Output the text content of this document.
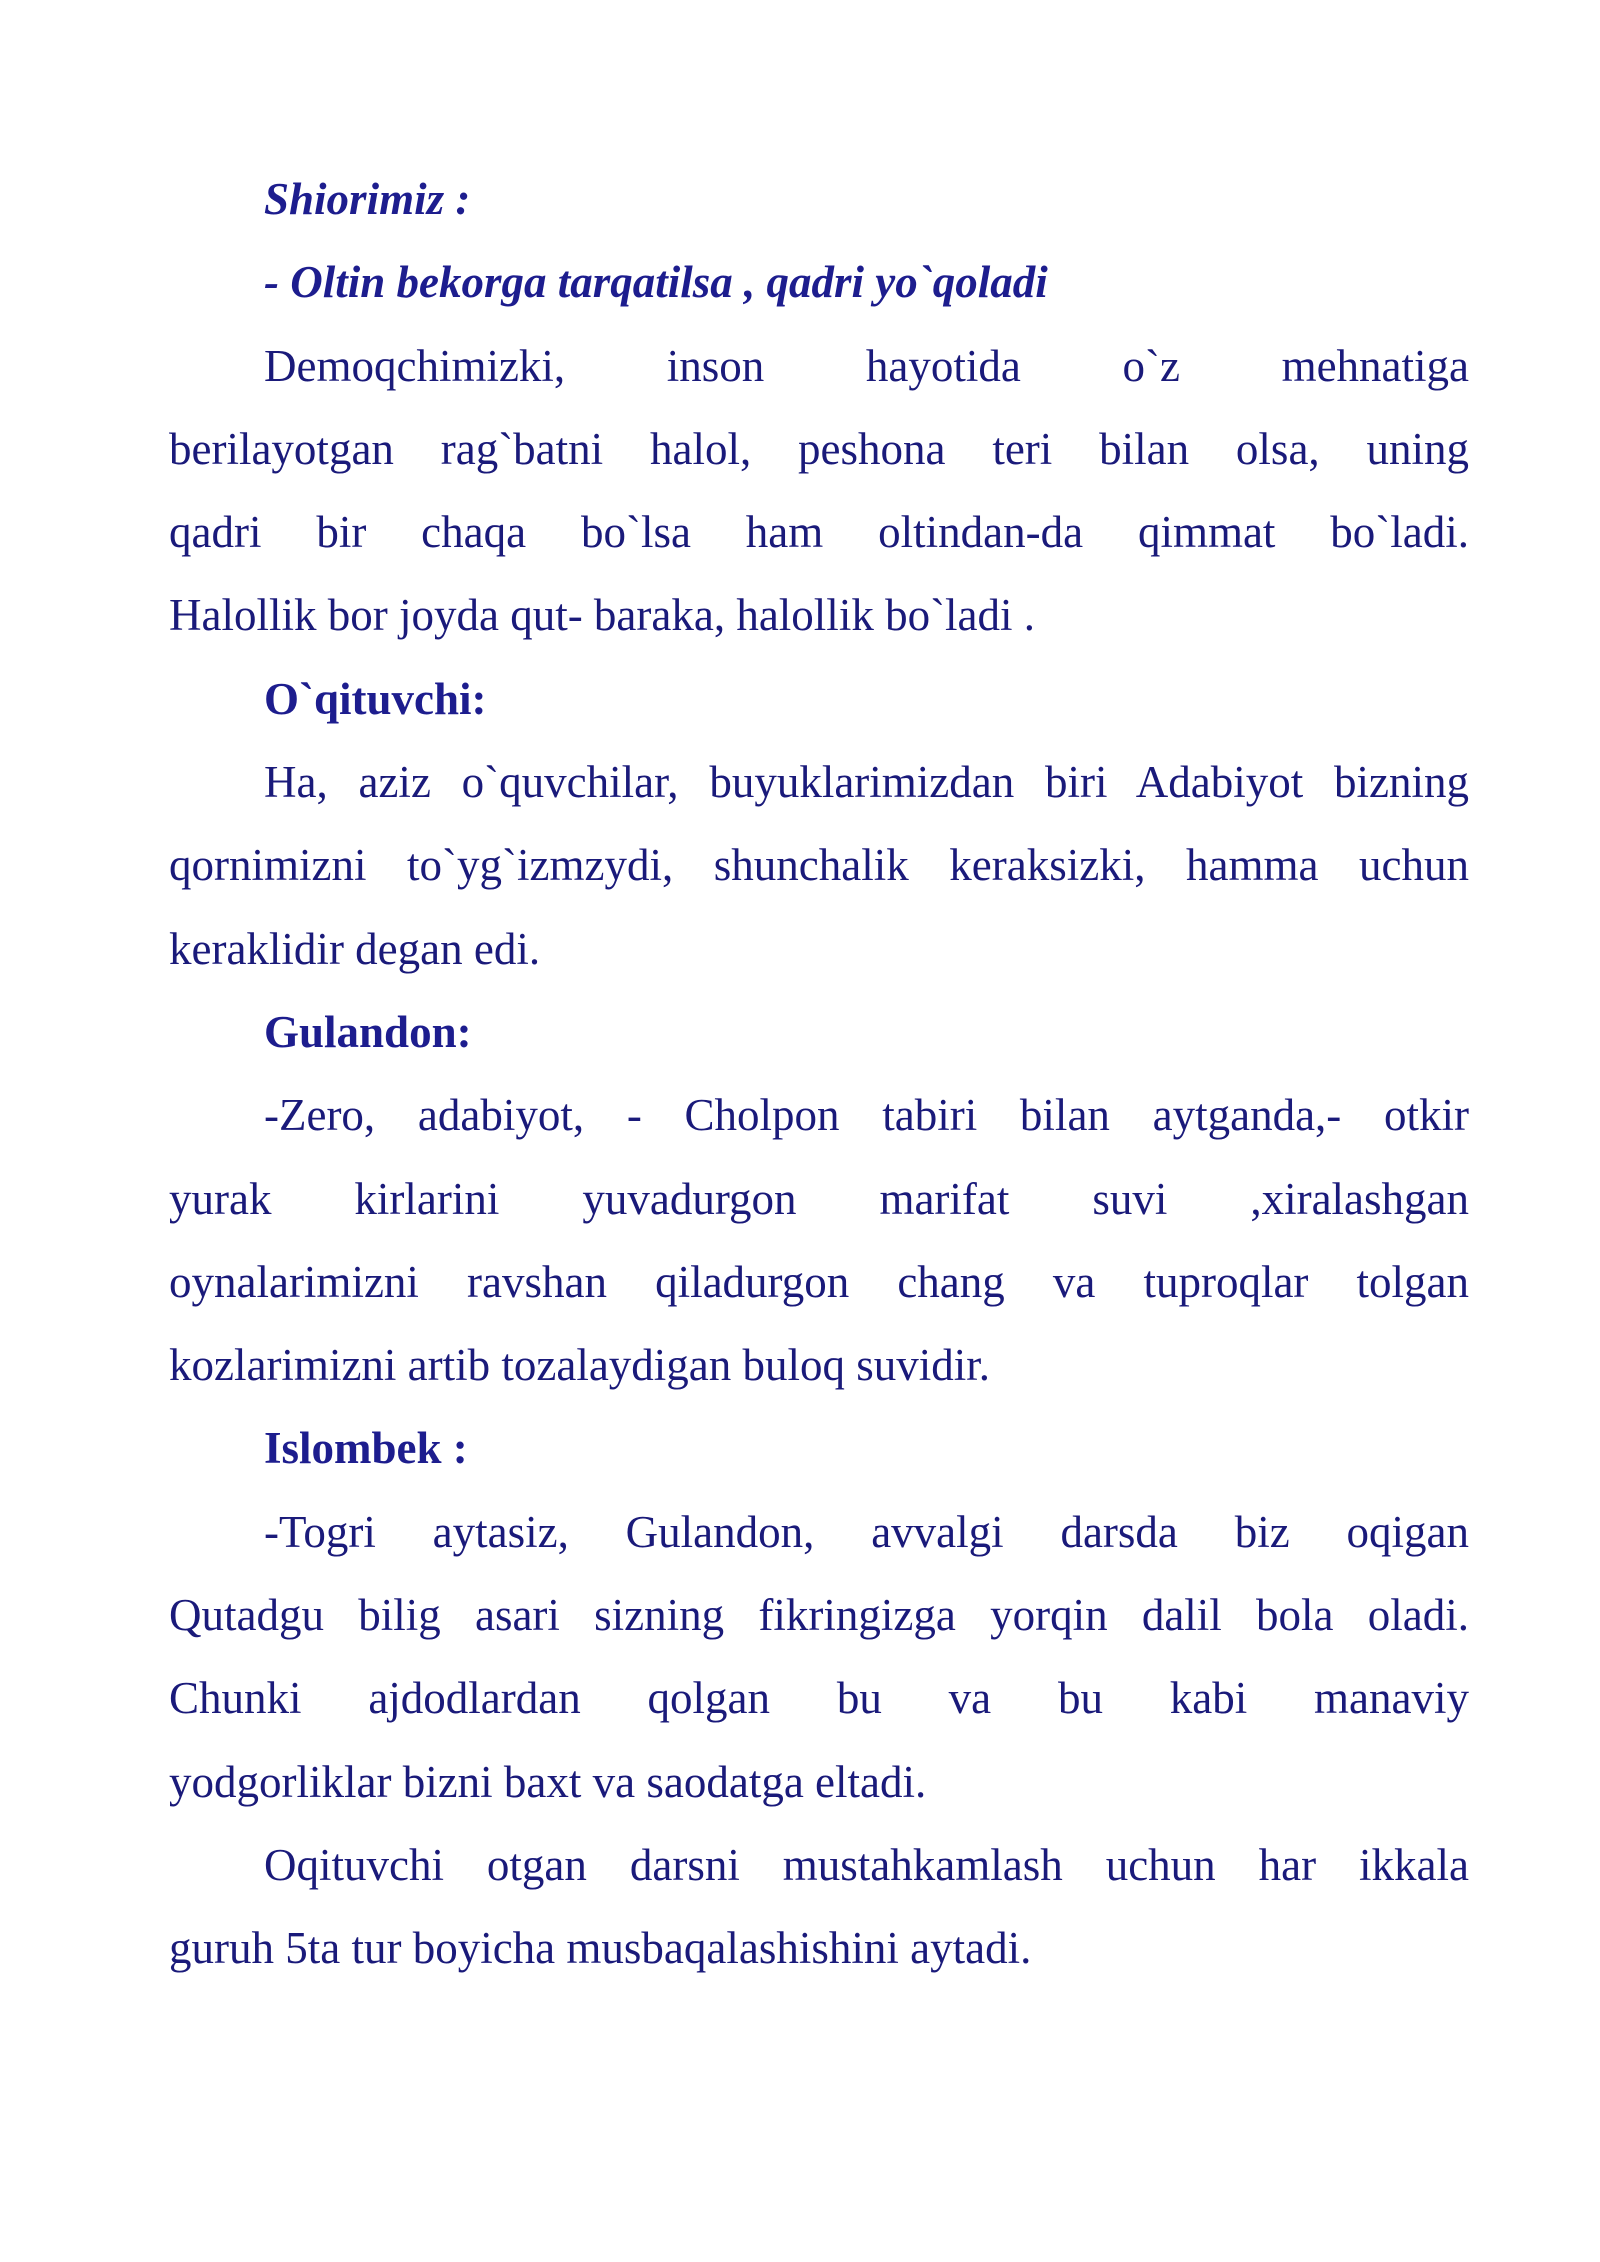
Shiorimiz :
- Oltin bekorga tarqatilsa , qadri yo`qoladi
Demoqchimizki, inson hayotida o`z mehnatiga
berilayotgan rag`batni halol, peshona teri bilan olsa, uning
qadri bir chaqa bo`lsa ham oltindan-da qimmat bo`ladi.
Halollik bor joyda qut- baraka, halollik bo`ladi .
O`qituvchi:
Ha, aziz o`quvchilar, buyuklarimizdan biri Adabiyot bizning
qornimizni to`yg`izmzydi, shunchalik keraksizki, hamma uchun
keraklidir degan edi.
Gulandon:
-Zero, adabiyot, - Cholpon tabiri bilan aytganda,- otkir
yurak kirlarini yuvadurgon marifat suvi ,xiralashgan
oynalarimizni ravshan qiladurgon chang va tuproqlar tolgan
kozlarimizni artib tozalaydigan buloq suvidir.
Islombek :
-Togri aytasiz, Gulandon, avvalgi darsda biz oqigan
Qutadgu bilig asari sizning fikringizga yorqin dalil bola oladi.
Chunki ajdodlardan qolgan bu va bu kabi manaviy
yodgorliklar bizni baxt va saodatga eltadi.
Oqituvchi otgan darsni mustahkamlash uchun har ikkala
guruh 5ta tur boyicha musbaqalashishini aytadi.
